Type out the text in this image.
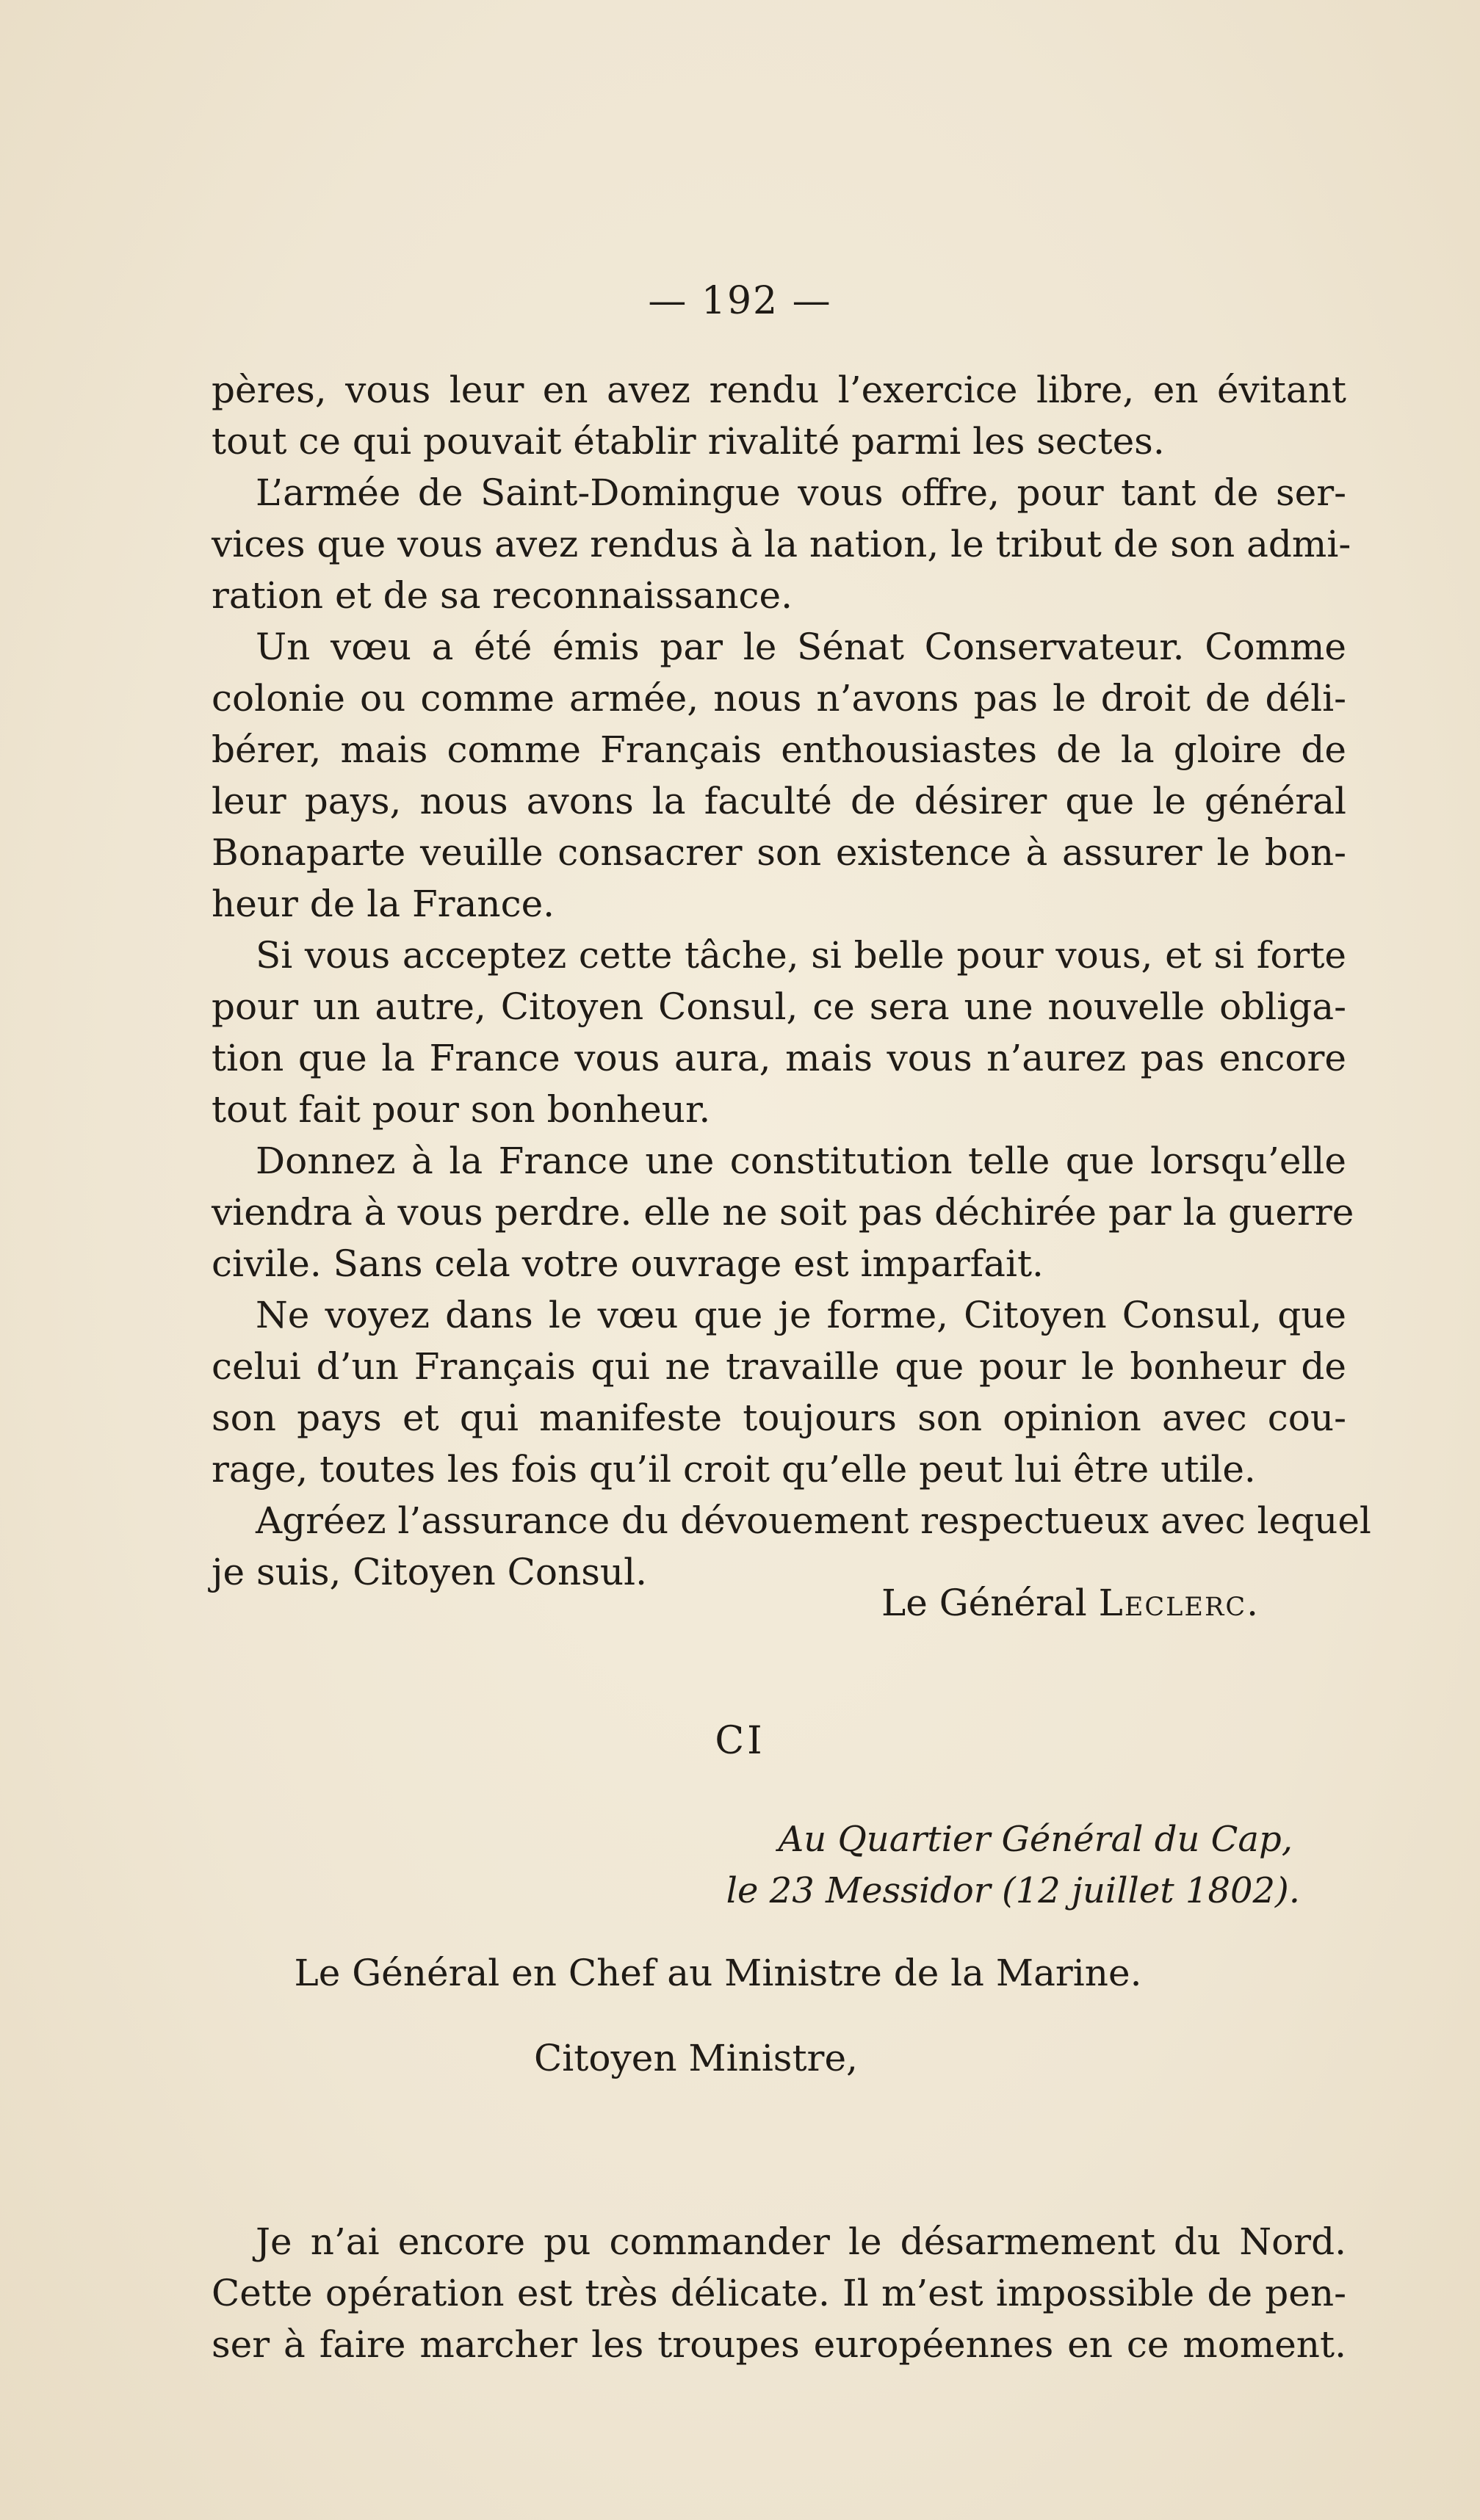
— 192 —
pères, vous leur en avez rendu l’exercice libre, en évitant
tout ce qui pouvait établir rivalité parmi les sectes.
L’armée de Saint-Domingue vous offre, pour tant de ser-
vices que vous avez rendus à la nation, le tribut de son admi-
ration et de sa reconnaissance.
Un vœu a été émis par le Sénat Conservateur. Comme
colonie ou comme armée, nous n’avons pas le droit de déli-
bérer, mais comme Français enthousiastes de la gloire de
leur pays, nous avons la faculté de désirer que le général
Bonaparte veuille consacrer son existence à assurer le bon-
heur de la France.
Si vous acceptez cette tâche, si belle pour vous, et si forte
pour un autre, Citoyen Consul, ce sera une nouvelle obliga-
tion que la France vous aura, mais vous n’aurez pas encore
tout fait pour son bonheur.
Donnez à la France une constitution telle que lorsqu’elle
viendra à vous perdre. elle ne soit pas déchirée par la guerre
civile. Sans cela votre ouvrage est imparfait.
Ne voyez dans le vœu que je forme, Citoyen Consul, que
celui d’un Français qui ne travaille que pour le bonheur de
son pays et qui manifeste toujours son opinion avec cou-
rage, toutes les fois qu’il croit qu’elle peut lui être utile.
Agréez l’assurance du dévouement respectueux avec lequel
je suis, Citoyen Consul.
Le Général Leclerc.
CI
Au Quartier Général du Cap,
le 23 Messidor (12 juillet 1802).
Le Général en Chef au Ministre de la Marine.
Citoyen Ministre,
Je n’ai encore pu commander le désarmement du Nord.
Cette opération est très délicate. Il m’est impossible de pen-
ser à faire marcher les troupes européennes en ce moment.
